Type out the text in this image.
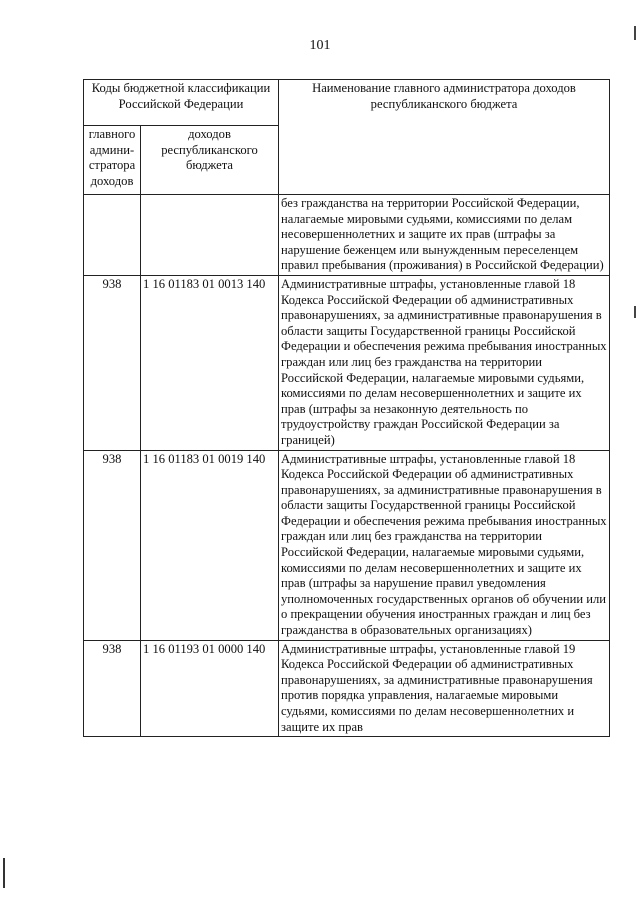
101
Коды бюджетной классификации Российской Федерации		Наименование главного администратора доходов республиканского бюджета
главного админи-стратора доходов	доходов республиканского бюджета	
		без гражданства на территории Российской Федерации, налагаемые мировыми судьями, комиссиями по делам несовершеннолетних и защите их прав (штрафы за нарушение беженцем или вынужденным переселенцем правил пребывания (проживания) в Российской Федерации)
938	1 16 01183 01 0013 140	Административные штрафы, установленные главой 18 Кодекса Российской Федерации об административных правонарушениях, за административные правонарушения в области защиты Государственной границы Российской Федерации и обеспечения режима пребывания иностранных граждан или лиц без гражданства на территории Российской Федерации, налагаемые мировыми судьями, комиссиями по делам несовершеннолетних и защите их прав (штрафы за незаконную деятельность по трудоустройству граждан Российской Федерации за границей)
938	1 16 01183 01 0019 140	Административные штрафы, установленные главой 18 Кодекса Российской Федерации об административных правонарушениях, за административные правонарушения в области защиты Государственной границы Российской Федерации и обеспечения режима пребывания иностранных граждан или лиц без гражданства на территории Российской Федерации, налагаемые мировыми судьями, комиссиями по делам несовершеннолетних и защите их прав (штрафы за нарушение правил уведомления уполномоченных государственных органов об обучении или о прекращении обучения иностранных граждан и лиц без гражданства в образовательных организациях)
938	1 16 01193 01 0000 140	Административные штрафы, установленные главой 19 Кодекса Российской Федерации об административных правонарушениях, за административные правонарушения против порядка управления, налагаемые мировыми судьями, комиссиями по делам несовершеннолетних и защите их прав
